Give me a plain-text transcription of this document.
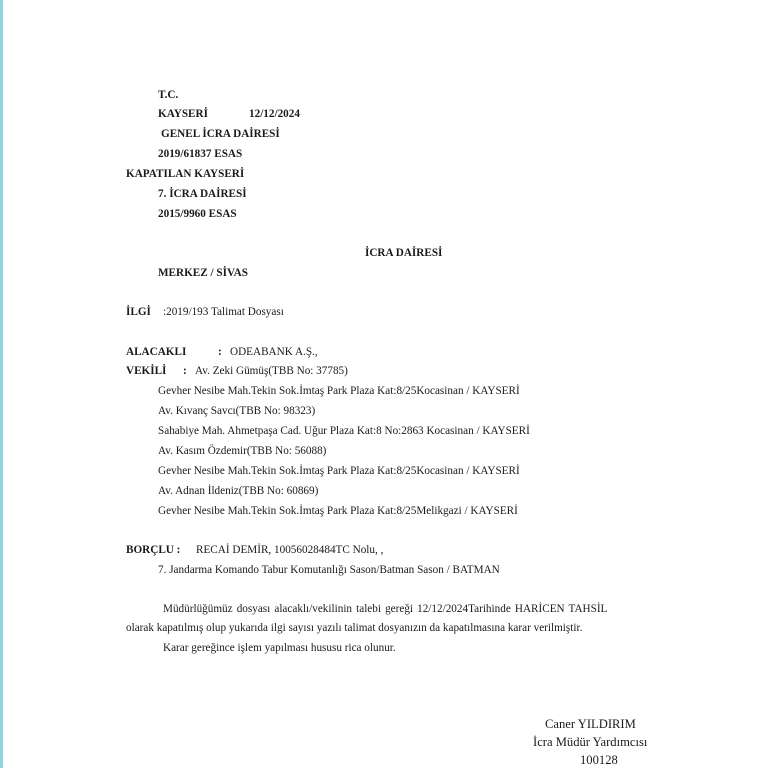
T.C.
KAYSERİ	12/12/2024
GENEL İCRA DAİRESİ
2019/61837 ESAS
KAPATILAN KAYSERİ
7. İCRA DAİRESİ
2015/9960 ESAS
İCRA DAİRESİ
MERKEZ / SİVAS
İLGİ :2019/193 Talimat Dosyası
ALACAKLI	: ODEABANK A.Ş.,
VEKİLİ : Av. Zeki Gümüş(TBB No: 37785)
Gevher Nesibe Mah.Tekin Sok.İmtaş Park Plaza Kat:8/25Kocasinan / KAYSERİ
Av. Kıvanç Savcı(TBB No: 98323)
Sahabiye Mah. Ahmetpaşa Cad. Uğur Plaza Kat:8 No:2863 Kocasinan / KAYSERİ
Av. Kasım Özdemir(TBB No: 56088)
Gevher Nesibe Mah.Tekin Sok.İmtaş Park Plaza Kat:8/25Kocasinan / KAYSERİ
Av. Adnan İldeniz(TBB No: 60869)
Gevher Nesibe Mah.Tekin Sok.İmtaş Park Plaza Kat:8/25Melikgazi / KAYSERİ
BORÇLU : RECAİ DEMİR, 10056028484TC Nolu, ,
7. Jandarma Komando Tabur Komutanlığı Sason/Batman Sason / BATMAN
Müdürlüğümüz dosyası alacaklı/vekilinin talebi gereği 12/12/2024Tarihinde HARİCEN TAHSİL
olarak kapatılmış olup yukarıda ilgi sayısı yazılı talimat dosyanızın da kapatılmasına karar verilmiştir.
Karar gereğince işlem yapılması hususu rica olunur.
Caner YILDIRIM
İcra Müdür Yardımcısı
100128
